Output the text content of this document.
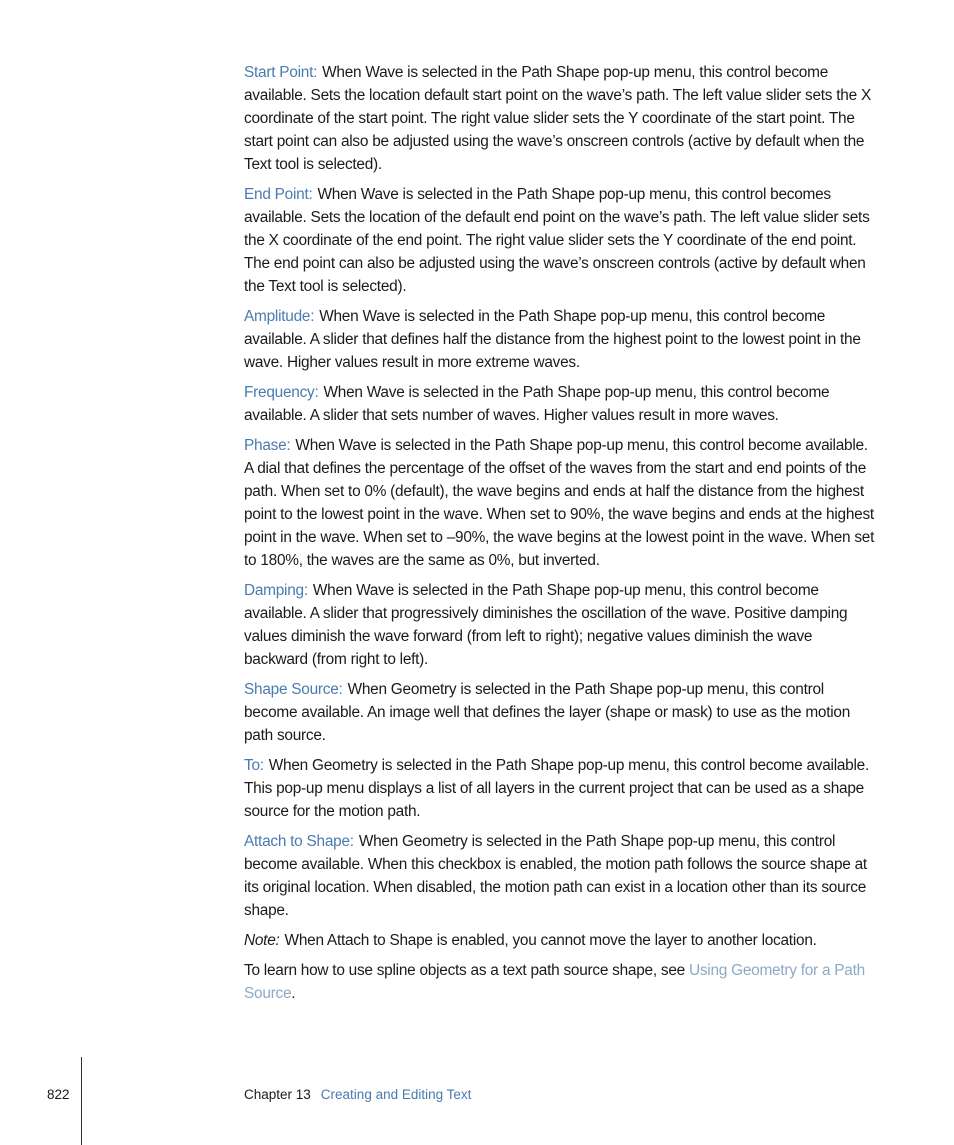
Start Point: When Wave is selected in the Path Shape pop-up menu, this control become available. Sets the location default start point on the wave’s path. The left value slider sets the X coordinate of the start point. The right value slider sets the Y coordinate of the start point. The start point can also be adjusted using the wave’s onscreen controls (active by default when the Text tool is selected).

End Point: When Wave is selected in the Path Shape pop-up menu, this control becomes available. Sets the location of the default end point on the wave’s path. The left value slider sets the X coordinate of the end point. The right value slider sets the Y coordinate of the end point. The end point can also be adjusted using the wave’s onscreen controls (active by default when the Text tool is selected).

Amplitude: When Wave is selected in the Path Shape pop-up menu, this control become available. A slider that defines half the distance from the highest point to the lowest point in the wave. Higher values result in more extreme waves.

Frequency: When Wave is selected in the Path Shape pop-up menu, this control become available. A slider that sets number of waves. Higher values result in more waves.

Phase: When Wave is selected in the Path Shape pop-up menu, this control become available. A dial that defines the percentage of the offset of the waves from the start and end points of the path. When set to 0% (default), the wave begins and ends at half the distance from the highest point to the lowest point in the wave. When set to 90%, the wave begins and ends at the highest point in the wave. When set to –90%, the wave begins at the lowest point in the wave. When set to 180%, the waves are the same as 0%, but inverted.

Damping: When Wave is selected in the Path Shape pop-up menu, this control become available. A slider that progressively diminishes the oscillation of the wave. Positive damping values diminish the wave forward (from left to right); negative values diminish the wave backward (from right to left).

Shape Source: When Geometry is selected in the Path Shape pop-up menu, this control become available. An image well that defines the layer (shape or mask) to use as the motion path source.

To: When Geometry is selected in the Path Shape pop-up menu, this control become available. This pop-up menu displays a list of all layers in the current project that can be used as a shape source for the motion path.

Attach to Shape: When Geometry is selected in the Path Shape pop-up menu, this control become available. When this checkbox is enabled, the motion path follows the source shape at its original location. When disabled, the motion path can exist in a location other than its source shape.

Note: When Attach to Shape is enabled, you cannot move the layer to another location.

To learn how to use spline objects as a text path source shape, see Using Geometry for a Path Source.

822	Chapter 13 Creating and Editing Text
